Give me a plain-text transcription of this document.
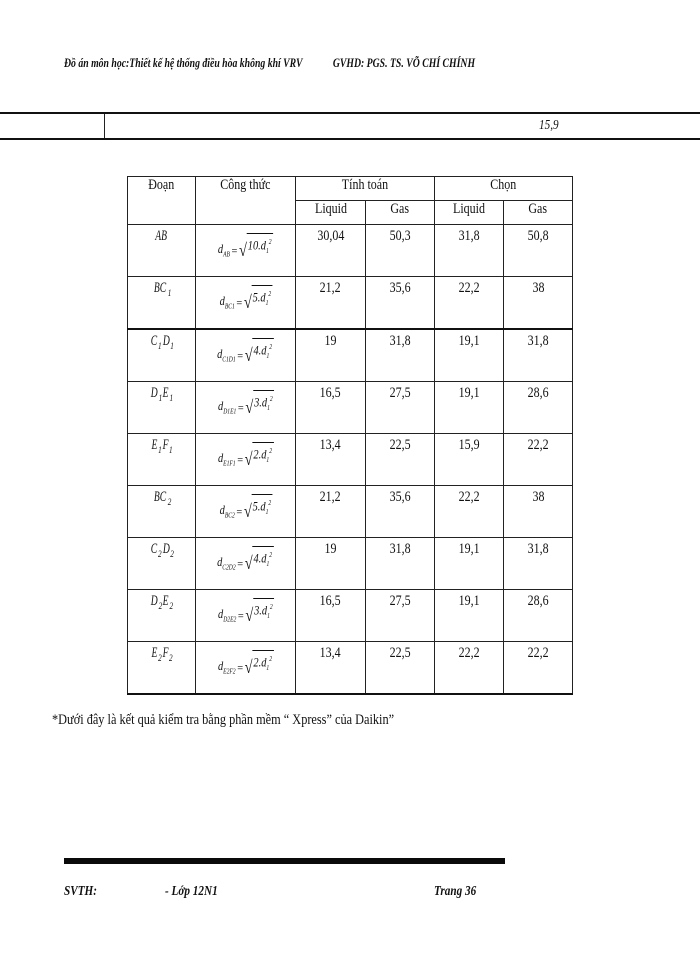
Đồ án môn học:Thiết kế hệ thống điều hòa không khí VRV GVHD: PGS. TS. VÕ CHÍ CHÍNH
15,9
Đoạn	Công thức	Tính toán		Chọn	
		Liquid	Gas	Liquid	Gas
AB	$d_{AB}$ = √ $10.d_1^2$	30,04	50,3	31,8	50,8
BC $_1$	$d_{BC1}$ = √ $5.d_1^2$	21,2	35,6	22,2	38
$C_1D_1$	$d_{C1D1}$ = √ $4.d_1^2$	19	31,8	19,1	31,8
$D_1E_1$	$d_{D1E1}$ = √ $3.d_1^2$	16,5	27,5	19,1	28,6
$E_1F_1$	$d_{E1F1}$ = √ $2.d_1^2$	13,4	22,5	15,9	22,2
BC $_2$	$d_{BC2}$ = √ $5.d_1^2$	21,2	35,6	22,2	38
$C_2D_2$	$d_{C2D2}$ = √ $4.d_1^2$	19	31,8	19,1	31,8
$D_2E_2$	$d_{D2E2}$ = √ $3.d_1^2$	16,5	27,5	19,1	28,6
$E_2F_2$	$d_{E2F2}$ = √ $2.d_1^2$	13,4	22,5	22,2	22,2
*Dưới đây là kết quả kiểm tra bằng phần mềm “ Xpress” của Daikin”
SVTH:	- Lớp 12N1	Trang 36
